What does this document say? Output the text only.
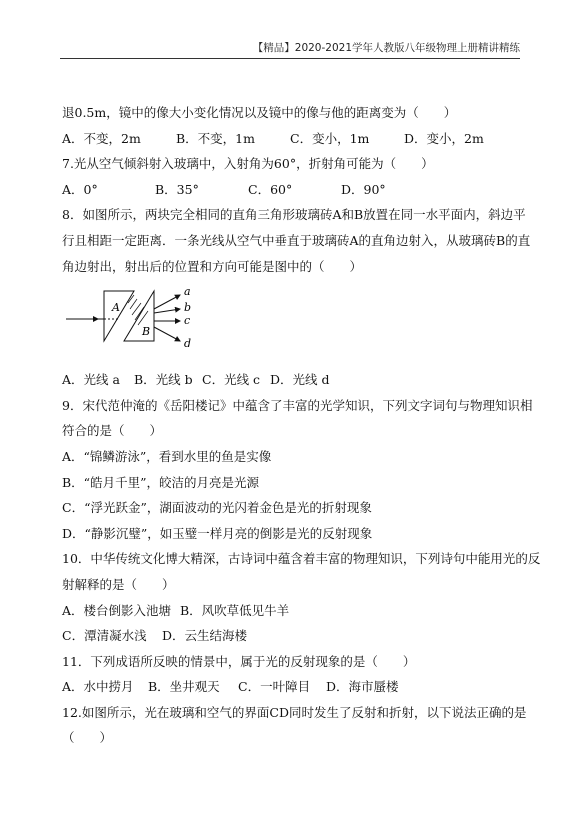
【精品】2020-2021学年人教版八年级物理上册精讲精练
退0.5m，镜中的像大小变化情况以及镜中的像与他的距离变为（　　）
A．不变，2m	B．不变，1m	C．变小，1m	D．变小，2m
7.光从空气倾斜射入玻璃中，入射角为60°，折射角可能为（　　）
A．0°	B．35°	C．60°	D．90°
8．如图所示，两块完全相同的直角三角形玻璃砖A和B放置在同一水平面内，斜边平
行且相距一定距离．一条光线从空气中垂直于玻璃砖A的直角边射入，从玻璃砖B的直
角边射出，射出后的位置和方向可能是图中的（　　）
A
B
a
b
c
d
A．光线 a	B．光线 b C．光线 c D．光线 d
9．宋代范仲淹的《岳阳楼记》中蕴含了丰富的光学知识，下列文字词句与物理知识相
符合的是（　　）
A．“锦鳞游泳”，看到水里的鱼是实像
B．“皓月千里”，皎洁的月亮是光源
C．“浮光跃金”，湖面波动的光闪着金色是光的折射现象
D．“静影沉璧”，如玉璧一样月亮的倒影是光的反射现象
10．中华传统文化博大精深，古诗词中蕴含着丰富的物理知识，下列诗句中能用光的反
射解释的是（　　）
A．楼台倒影入池塘 B．风吹草低见牛羊
C．潭清凝水浅	D．云生结海楼
11．下列成语所反映的情景中，属于光的反射现象的是（　　）
A．水中捞月	B．坐井观天	C．一叶障目	D．海市蜃楼
12.如图所示，光在玻璃和空气的界面CD同时发生了反射和折射，以下说法正确的是
（　　）
